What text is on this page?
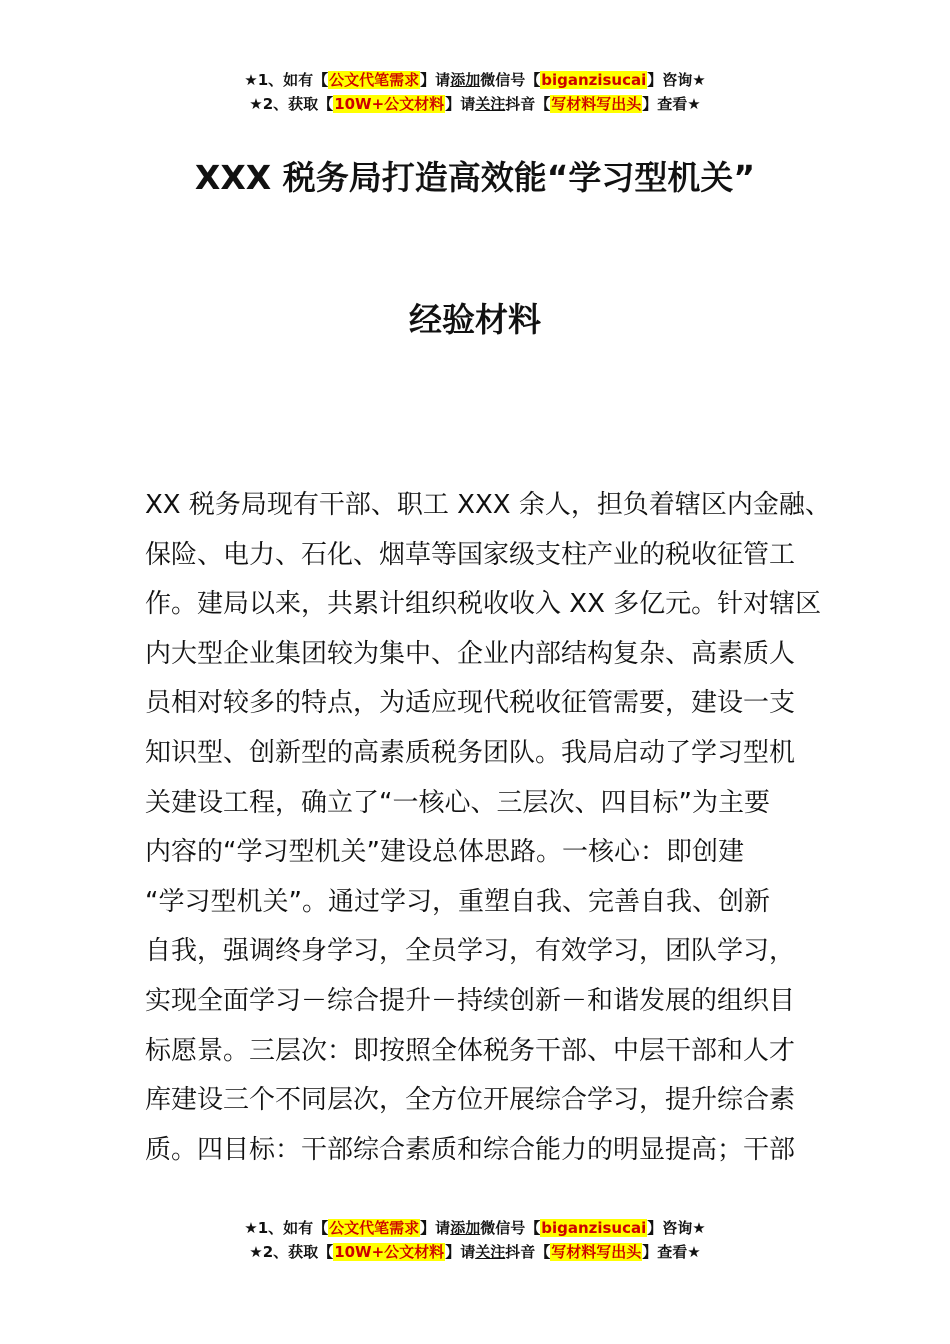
★1、如有【公文代笔需求】请添加微信号【biganzisucai】咨询★
★2、获取【10W+公文材料】请关注抖音【写材料写出头】查看★
XXX 税务局打造高效能“学习型机关”
经验材料

XX 税务局现有干部、职工 XXX 余人，担负着辖区内金融、
保险、电力、石化、烟草等国家级支柱产业的税收征管工
作。建局以来，共累计组织税收收入 XX 多亿元。针对辖区
内大型企业集团较为集中、企业内部结构复杂、高素质人
员相对较多的特点，为适应现代税收征管需要，建设一支
知识型、创新型的高素质税务团队。我局启动了学习型机
关建设工程，确立了“一核心、三层次、四目标”为主要
内容的“学习型机关”建设总体思路。一核心：即创建
“学习型机关”。通过学习，重塑自我、完善自我、创新
自我，强调终身学习，全员学习，有效学习，团队学习，
实现全面学习－综合提升－持续创新－和谐发展的组织目
标愿景。三层次：即按照全体税务干部、中层干部和人才
库建设三个不同层次，全方位开展综合学习，提升综合素
质。四目标：干部综合素质和综合能力的明显提高；干部

★1、如有【公文代笔需求】请添加微信号【biganzisucai】咨询★
★2、获取【10W+公文材料】请关注抖音【写材料写出头】查看★
